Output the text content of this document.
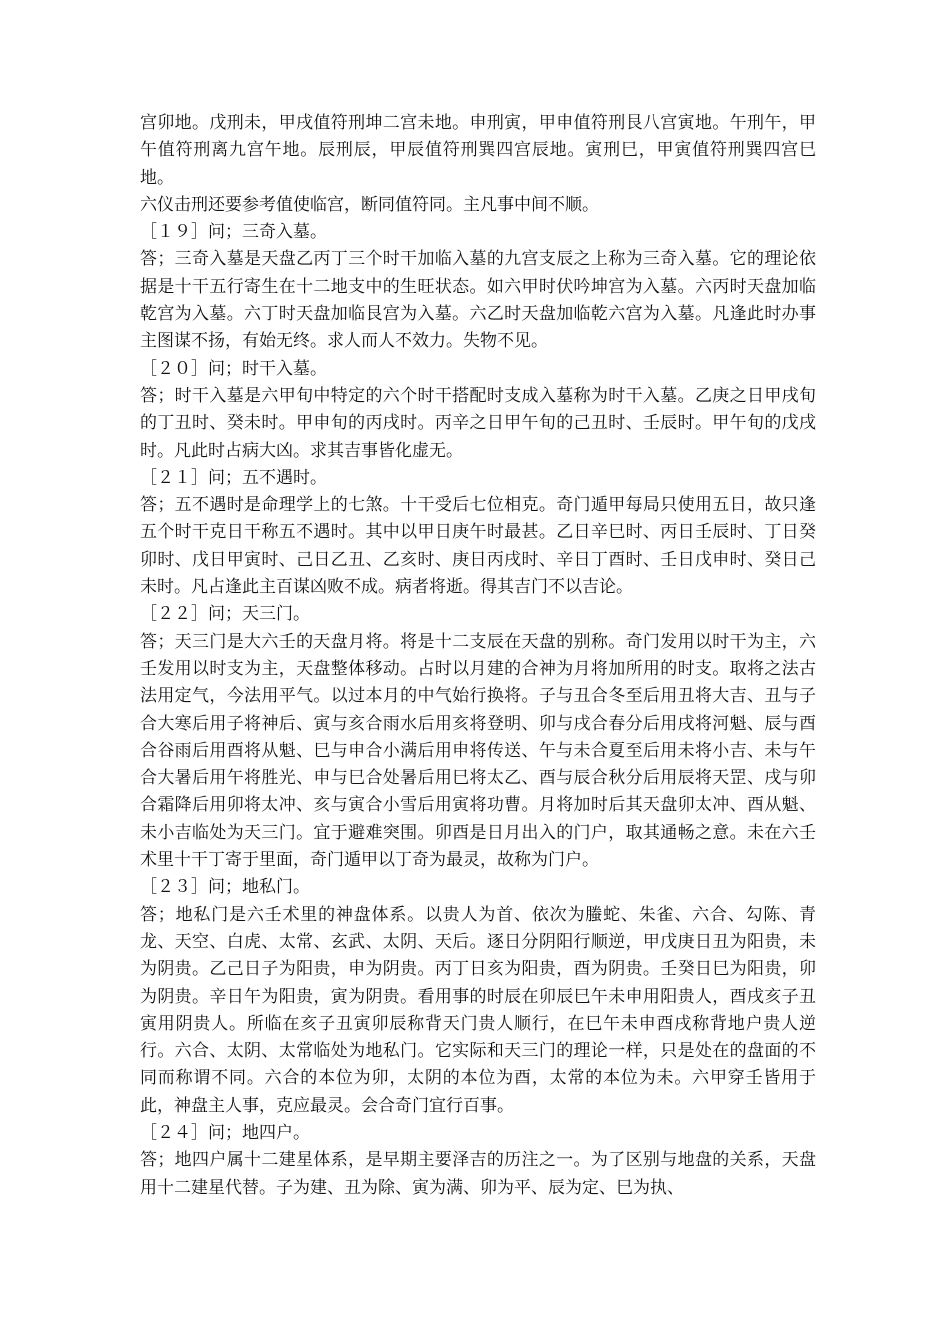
宫卯地。戊刑未，甲戌值符刑坤二宫未地。申刑寅，甲申值符刑艮八宫寅地。午刑午，甲午值符刑离九宫午地。辰刑辰，甲辰值符刑巽四宫辰地。寅刑巳，甲寅值符刑巽四宫巳地。

六仪击刑还要参考值使临宫，断同值符同。主凡事中间不顺。

［１９］问；三奇入墓。

答；三奇入墓是天盘乙丙丁三个时干加临入墓的九宫支辰之上称为三奇入墓。它的理论依据是十干五行寄生在十二地支中的生旺状态。如六甲时伏吟坤宫为入墓。六丙时天盘加临乾宫为入墓。六丁时天盘加临艮宫为入墓。六乙时天盘加临乾六宫为入墓。凡逢此时办事主图谋不扬，有始无终。求人而人不效力。失物不见。

［２０］问；时干入墓。

答；时干入墓是六甲旬中特定的六个时干搭配时支成入墓称为时干入墓。乙庚之日甲戌旬的丁丑时、癸未时。甲申旬的丙戌时。丙辛之日甲午旬的己丑时、壬辰时。甲午旬的戊戌时。凡此时占病大凶。求其吉事皆化虚无。

［２１］问；五不遇时。

答；五不遇时是命理学上的七煞。十干受后七位相克。奇门遁甲每局只使用五日，故只逢五个时干克日干称五不遇时。其中以甲日庚午时最甚。乙日辛巳时、丙日壬辰时、丁日癸卯时、戊日甲寅时、己日乙丑、乙亥时、庚日丙戌时、辛日丁酉时、壬日戊申时、癸日己未时。凡占逢此主百谋凶败不成。病者将逝。得其吉门不以吉论。

［２２］问；天三门。

答；天三门是大六壬的天盘月将。将是十二支辰在天盘的别称。奇门发用以时干为主，六壬发用以时支为主，天盘整体移动。占时以月建的合神为月将加所用的时支。取将之法古法用定气，今法用平气。以过本月的中气始行换将。子与丑合冬至后用丑将大吉、丑与子合大寒后用子将神后、寅与亥合雨水后用亥将登明、卯与戌合春分后用戌将河魁、辰与酉合谷雨后用酉将从魁、巳与申合小满后用申将传送、午与未合夏至后用未将小吉、未与午合大暑后用午将胜光、申与巳合处暑后用巳将太乙、酉与辰合秋分后用辰将天罡、戌与卯合霜降后用卯将太冲、亥与寅合小雪后用寅将功曹。月将加时后其天盘卯太冲、酉从魁、未小吉临处为天三门。宜于避难突围。卯酉是日月出入的门户，取其通畅之意。未在六壬术里十干丁寄于里面，奇门遁甲以丁奇为最灵，故称为门户。

［２３］问；地私门。

答；地私门是六壬术里的神盘体系。以贵人为首、依次为螣蛇、朱雀、六合、勾陈、青龙、天空、白虎、太常、玄武、太阴、天后。逐日分阴阳行顺逆，甲戊庚日丑为阳贵，未为阴贵。乙己日子为阳贵，申为阴贵。丙丁日亥为阳贵，酉为阴贵。壬癸日巳为阳贵，卯为阴贵。辛日午为阳贵，寅为阴贵。看用事的时辰在卯辰巳午未申用阳贵人，酉戌亥子丑寅用阴贵人。所临在亥子丑寅卯辰称背天门贵人顺行，在巳午未申酉戌称背地户贵人逆行。六合、太阴、太常临处为地私门。它实际和天三门的理论一样，只是处在的盘面的不同而称谓不同。六合的本位为卯，太阴的本位为酉，太常的本位为未。六甲穿壬皆用于此，神盘主人事，克应最灵。会合奇门宜行百事。

［２４］问；地四户。

答；地四户属十二建星体系，是早期主要泽吉的历注之一。为了区别与地盘的关系，天盘用十二建星代替。子为建、丑为除、寅为满、卯为平、辰为定、巳为执、
